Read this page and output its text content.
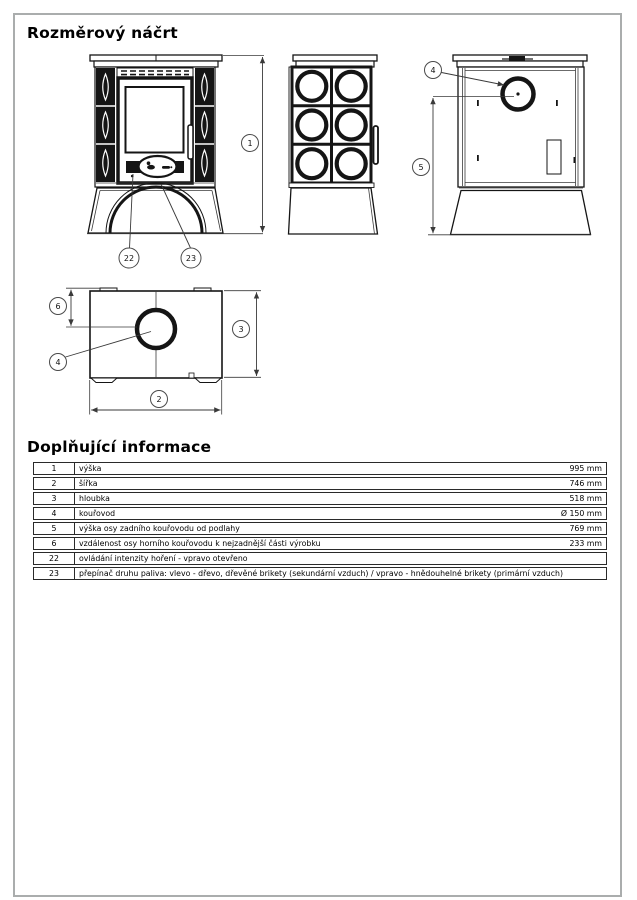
Rozměrový náčrt
1
22	23
5
4
6
3
2
4
Doplňující informace
1	výška 995 mm

2	šířka 746 mm

3	hloubka 518 mm

4	kouřovod Ø 150 mm

5	výška osy zadního kouřovodu od podlahy 769 mm

6	vzdálenost osy horního kouřovodu k nejzadnější části výrobku 233 mm

22	ovládání intenzity hoření - vpravo otevřeno

23	přepínač druhu paliva: vlevo - dřevo, dřevěné brikety (sekundární vzduch) / vpravo - hnědouhelné brikety (primární vzduch)
